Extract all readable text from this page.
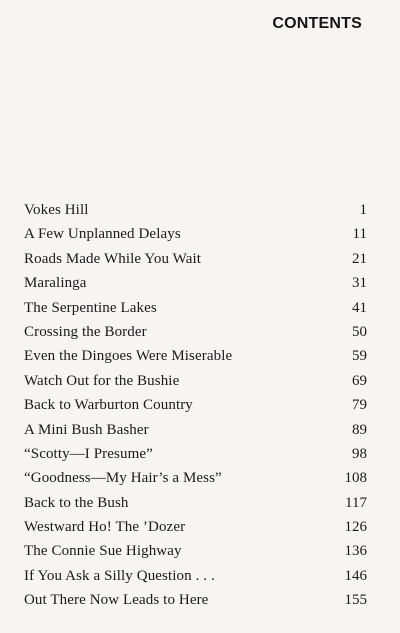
CONTENTS
Vokes Hill	1
A Few Unplanned Delays	11
Roads Made While You Wait	21
Maralinga	31
The Serpentine Lakes	41
Crossing the Border	50
Even the Dingoes Were Miserable	59
Watch Out for the Bushie	69
Back to Warburton Country	79
A Mini Bush Basher	89
“Scotty—I Presume”	98
“Goodness—My Hair’s a Mess”	108
Back to the Bush	117
Westward Ho! The ’Dozer	126
The Connie Sue Highway	136
If You Ask a Silly Question . . .	146
Out There Now Leads to Here	155
